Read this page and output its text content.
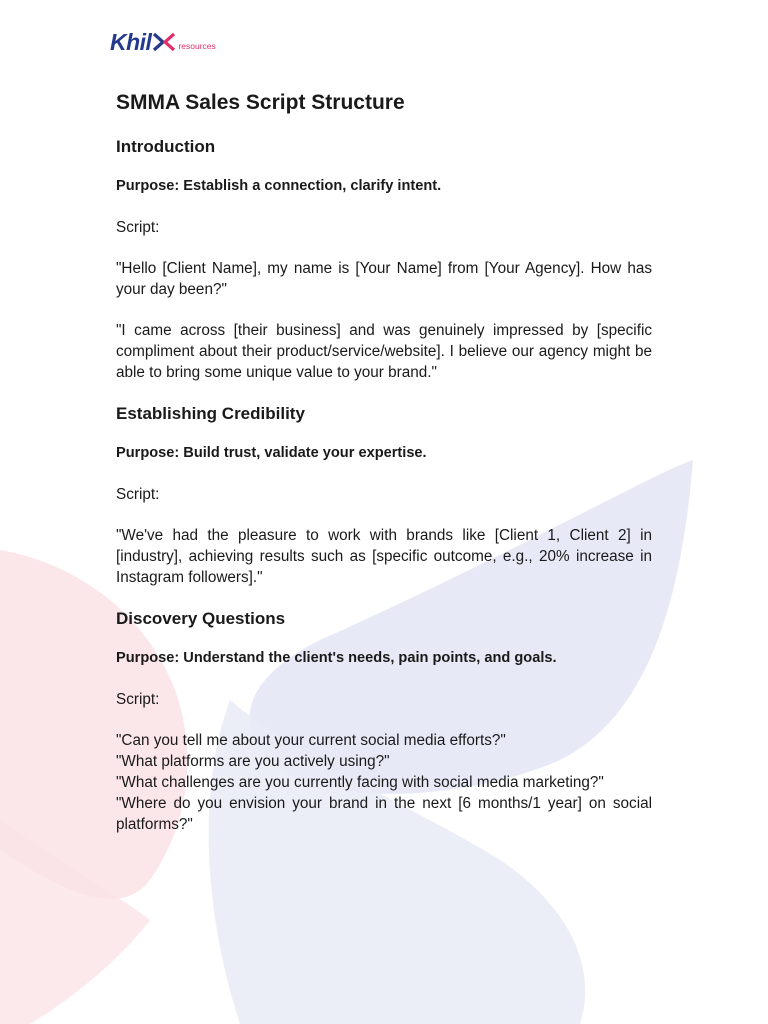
Khil	resources
SMMA Sales Script Structure
Introduction

Purpose: Establish a connection, clarify intent.

Script:

"Hello [Client Name], my name is [Your Name] from [Your Agency]. How has your day been?"

"I came across [their business] and was genuinely impressed by [specific compliment about their product/service/website]. I believe our agency might be able to bring some unique value to your brand."

Establishing Credibility

Purpose: Build trust, validate your expertise.

Script:

"We've had the pleasure to work with brands like [Client 1, Client 2] in [industry], achieving results such as [specific outcome, e.g., 20% increase in Instagram followers]."

Discovery Questions

Purpose: Understand the client's needs, pain points, and goals.

Script:

"Can you tell me about your current social media efforts?"

"What platforms are you actively using?"

"What challenges are you currently facing with social media marketing?"

"Where do you envision your brand in the next [6 months/1 year] on social platforms?"
